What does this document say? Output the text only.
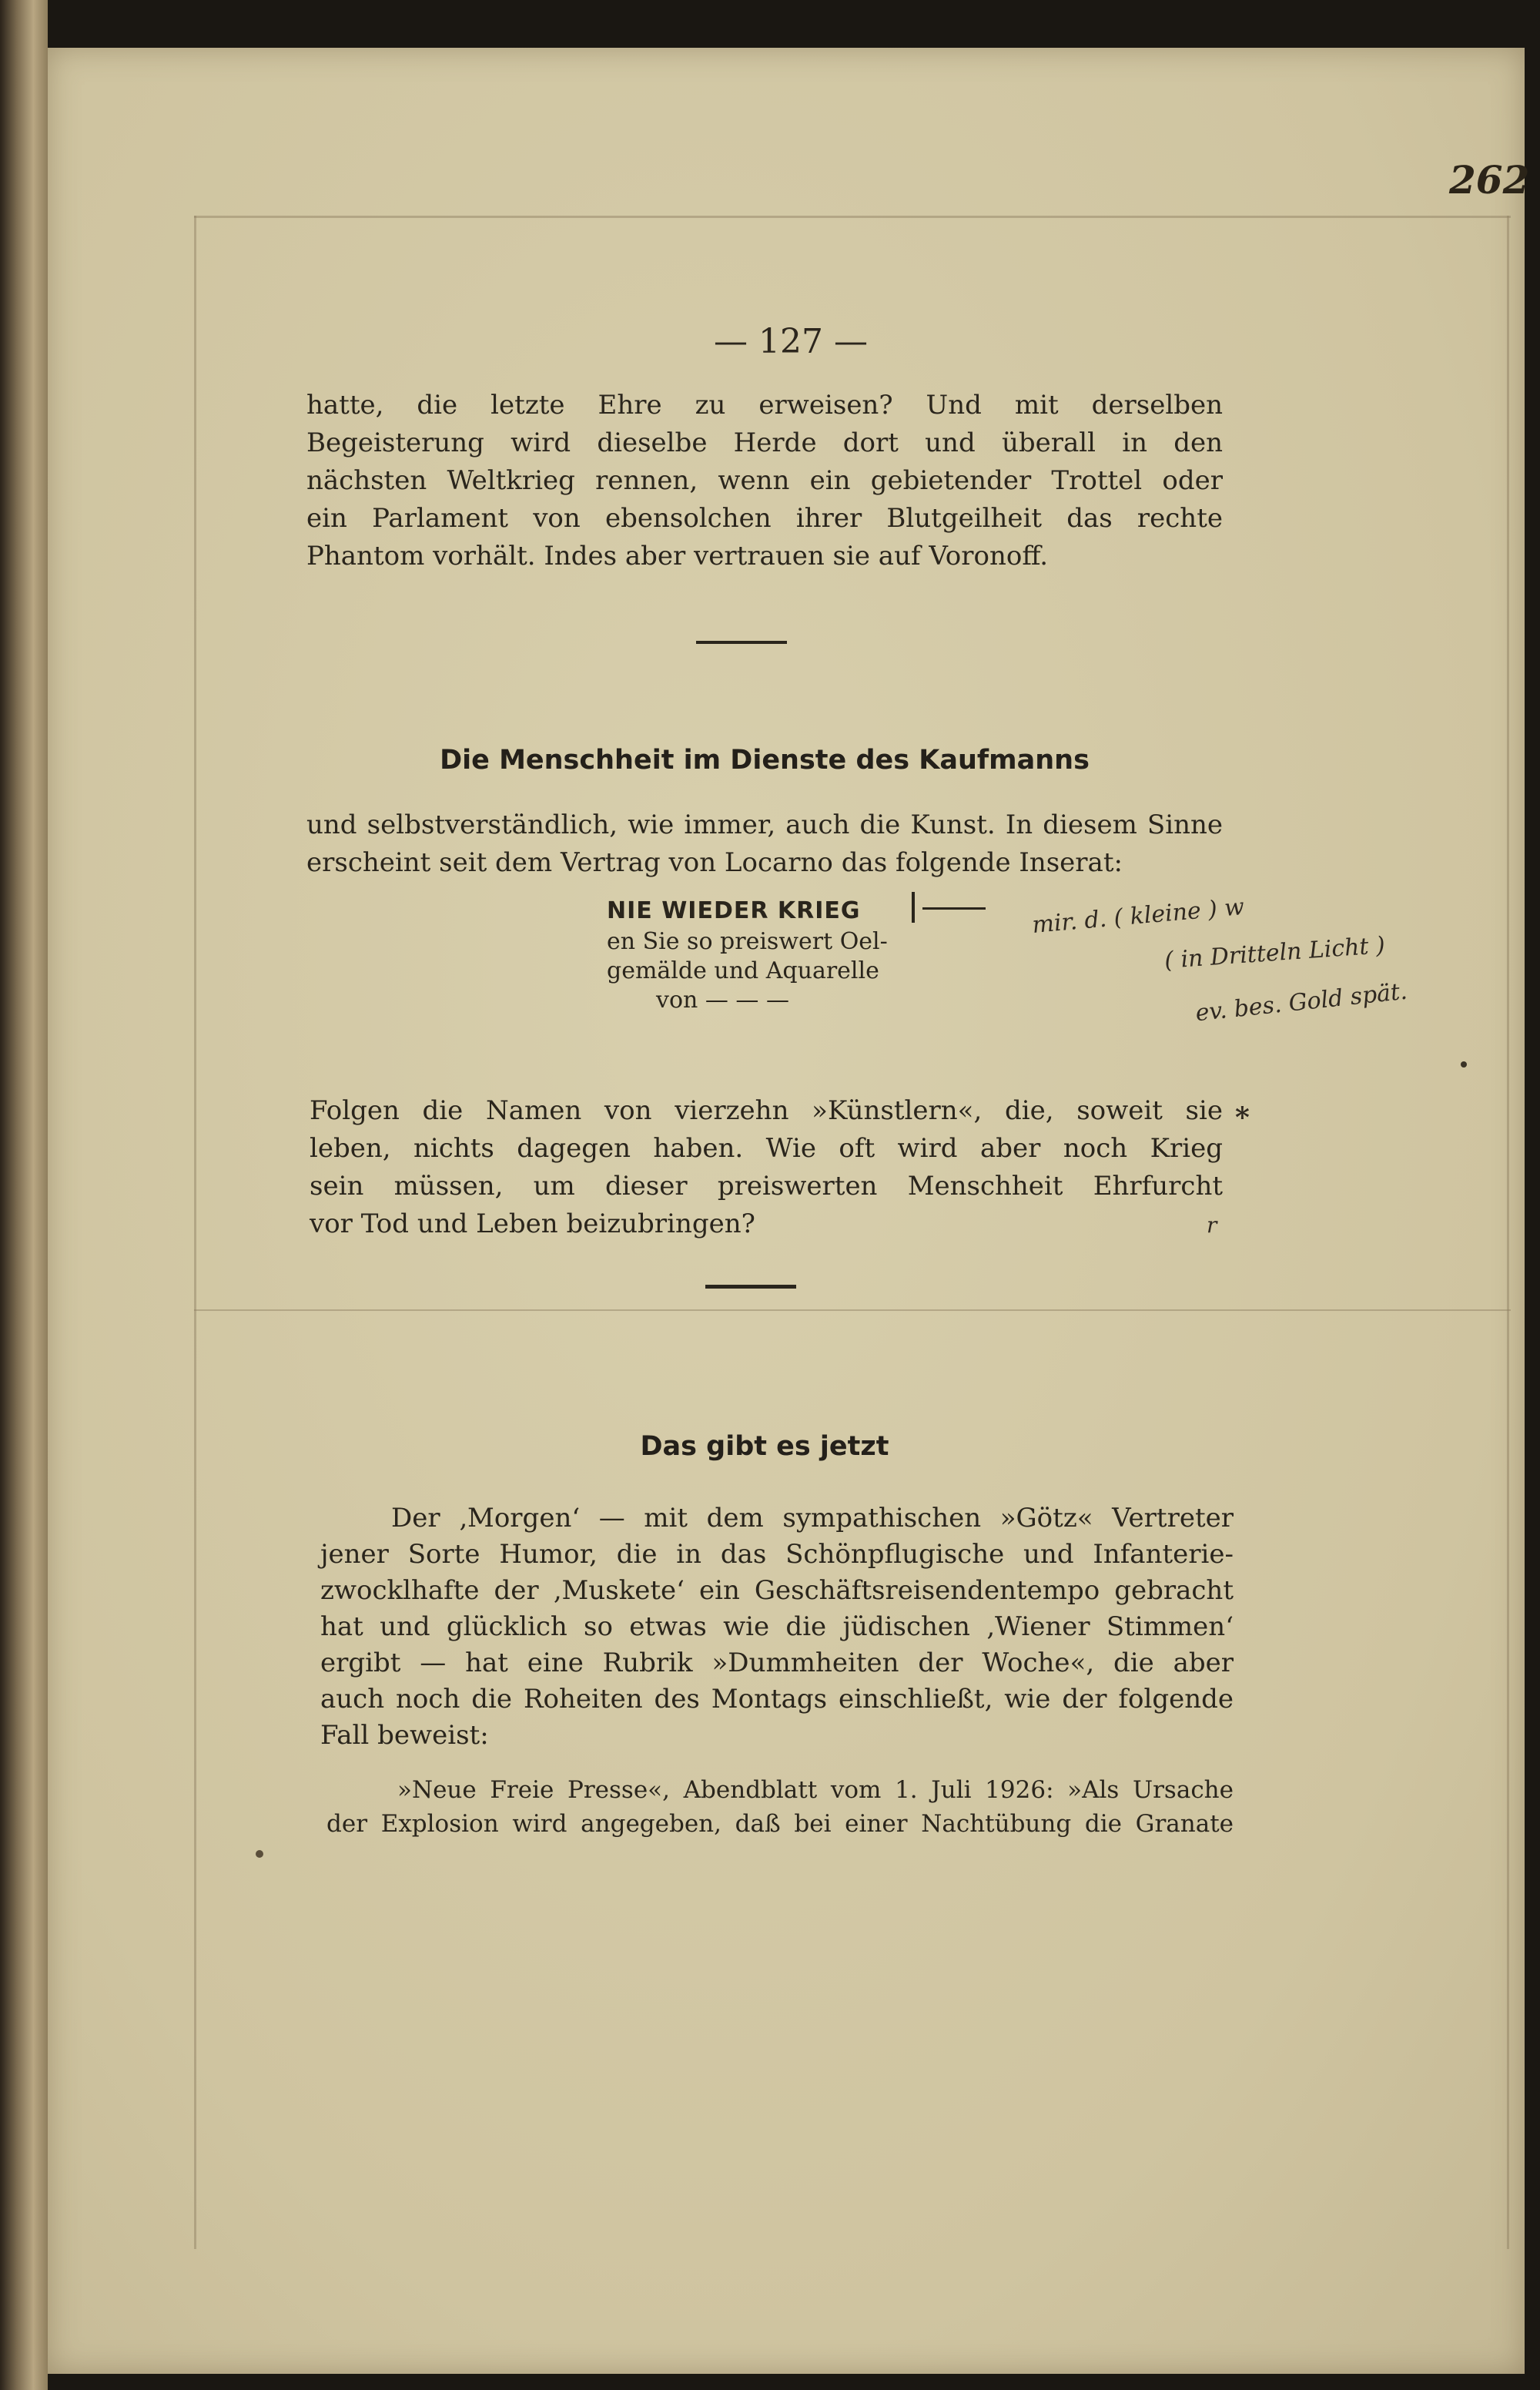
262
— 127 —
hatte, die letzte Ehre zu erweisen? Und mit derselben
Begeisterung wird dieselbe Herde dort und überall in den
nächsten Weltkrieg rennen, wenn ein gebietender Trottel oder
ein Parlament von ebensolchen ihrer Blutgeilheit das rechte
Phantom vorhält. Indes aber vertrauen sie auf Voronoff.
Die Menschheit im Dienste des Kaufmanns
und selbstverständlich, wie immer, auch die Kunst. In diesem Sinne
erscheint seit dem Vertrag von Locarno das folgende Inserat:
NIE WIEDER KRIEG
en Sie so preiswert Oel-
gemälde und Aquarelle
von — — —
mir. d. ( kleine ) w
( in Dritteln Licht )
ev. bes. Gold spät.
Folgen die Namen von vierzehn »Künstlern«, die, soweit sie
leben, nichts dagegen haben. Wie oft wird aber noch Krieg
sein müssen, um dieser preiswerten Menschheit Ehrfurcht
vor Tod und Leben beizubringen?
*
r
Das gibt es jetzt
Der ‚Morgen‘ — mit dem sympathischen »Götz« Vertreter
jener Sorte Humor, die in das Schönpflugische und Infanterie-
zwocklhafte der ‚Muskete‘ ein Geschäftsreisendentempo gebracht
hat und glücklich so etwas wie die jüdischen ‚Wiener Stimmen‘
ergibt — hat eine Rubrik »Dummheiten der Woche«, die aber
auch noch die Roheiten des Montags einschließt, wie der folgende
Fall beweist:
»Neue Freie Presse«, Abendblatt vom 1. Juli 1926: »Als Ursache
der Explosion wird angegeben, daß bei einer Nachtübung die Granate
